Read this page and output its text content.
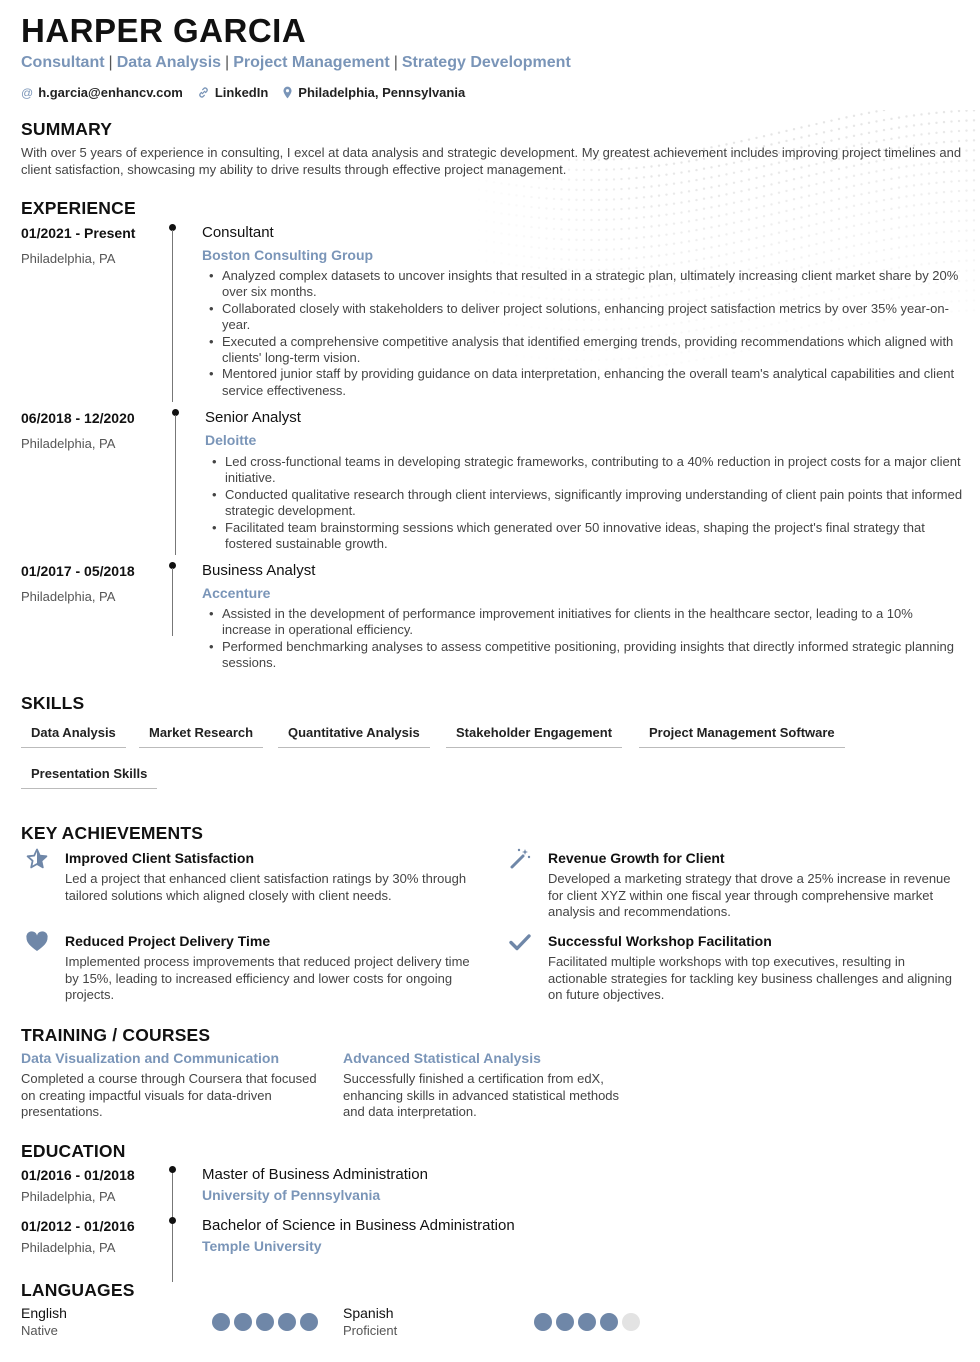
HARPER GARCIA
Consultant | Data Analysis | Project Management | Strategy Development
@ h.garcia@enhancv.com LinkedIn Philadelphia, Pennsylvania
SUMMARY
With over 5 years of experience in consulting, I excel at data analysis and strategic development. My greatest achievement includes improving project timelines and client satisfaction, showcasing my ability to drive results through effective project management.
EXPERIENCE
01/2021 - Present
Philadelphia, PA
Consultant
Boston Consulting Group
• Analyzed complex datasets to uncover insights that resulted in a strategic plan, ultimately increasing client market share by 20% over six months.
• Collaborated closely with stakeholders to deliver project solutions, enhancing project satisfaction metrics by over 35% year-on-year.
• Executed a comprehensive competitive analysis that identified emerging trends, providing recommendations which aligned with clients' long-term vision.
• Mentored junior staff by providing guidance on data interpretation, enhancing the overall team's analytical capabilities and client service effectiveness.
06/2018 - 12/2020
Philadelphia, PA
Senior Analyst
Deloitte
• Led cross-functional teams in developing strategic frameworks, contributing to a 40% reduction in project costs for a major client initiative.
• Conducted qualitative research through client interviews, significantly improving understanding of client pain points that informed strategic development.
• Facilitated team brainstorming sessions which generated over 50 innovative ideas, shaping the project's final strategy that fostered sustainable growth.
01/2017 - 05/2018
Philadelphia, PA
Business Analyst
Accenture
• Assisted in the development of performance improvement initiatives for clients in the healthcare sector, leading to a 10% increase in operational efficiency.
• Performed benchmarking analyses to assess competitive positioning, providing insights that directly informed strategic planning sessions.
SKILLS
Data Analysis	Market Research	Quantitative Analysis	Stakeholder Engagement	Project Management Software
Presentation Skills
KEY ACHIEVEMENTS
Improved Client Satisfaction
Led a project that enhanced client satisfaction ratings by 30% through tailored solutions which aligned closely with client needs.
Revenue Growth for Client
Developed a marketing strategy that drove a 25% increase in revenue for client XYZ within one fiscal year through comprehensive market analysis and recommendations.
Reduced Project Delivery Time
Implemented process improvements that reduced project delivery time by 15%, leading to increased efficiency and lower costs for ongoing projects.
Successful Workshop Facilitation
Facilitated multiple workshops with top executives, resulting in actionable strategies for tackling key business challenges and aligning on future objectives.
TRAINING / COURSES
Data Visualization and Communication
Completed a course through Coursera that focused on creating impactful visuals for data-driven presentations.
Advanced Statistical Analysis
Successfully finished a certification from edX, enhancing skills in advanced statistical methods and data interpretation.
EDUCATION
01/2016 - 01/2018
Philadelphia, PA
Master of Business Administration
University of Pennsylvania
01/2012 - 01/2016
Philadelphia, PA
Bachelor of Science in Business Administration
Temple University
LANGUAGES
English
Native
Spanish
Proficient
